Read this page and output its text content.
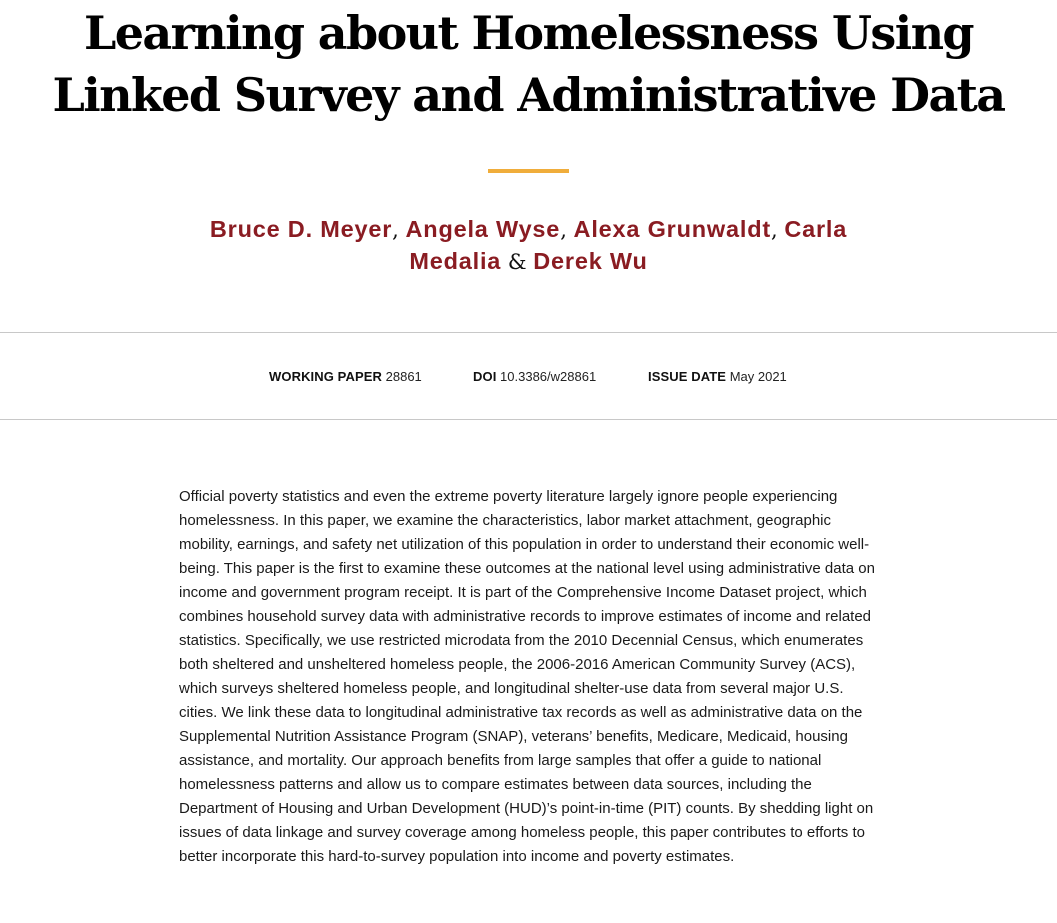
Learning about Homelessness Using Linked Survey and Administrative Data
Bruce D. Meyer, Angela Wyse, Alexa Grunwaldt, Carla Medalia & Derek Wu
WORKING PAPER 28861	DOI 10.3386/w28861	ISSUE DATE May 2021

Official poverty statistics and even the extreme poverty literature largely ignore people experiencing homelessness. In this paper, we examine the characteristics, labor market attachment, geographic mobility, earnings, and safety net utilization of this population in order to understand their economic well-being. This paper is the first to examine these outcomes at the national level using administrative data on income and government program receipt. It is part of the Comprehensive Income Dataset project, which combines household survey data with administrative records to improve estimates of income and related statistics. Specifically, we use restricted microdata from the 2010 Decennial Census, which enumerates both sheltered and unsheltered homeless people, the 2006-2016 American Community Survey (ACS), which surveys sheltered homeless people, and longitudinal shelter-use data from several major U.S. cities. We link these data to longitudinal administrative tax records as well as administrative data on the Supplemental Nutrition Assistance Program (SNAP), veterans’ benefits, Medicare, Medicaid, housing assistance, and mortality. Our approach benefits from large samples that offer a guide to national homelessness patterns and allow us to compare estimates between data sources, including the Department of Housing and Urban Development (HUD)’s point-in-time (PIT) counts. By shedding light on issues of data linkage and survey coverage among homeless people, this paper contributes to efforts to better incorporate this hard-to-survey population into income and poverty estimates.
